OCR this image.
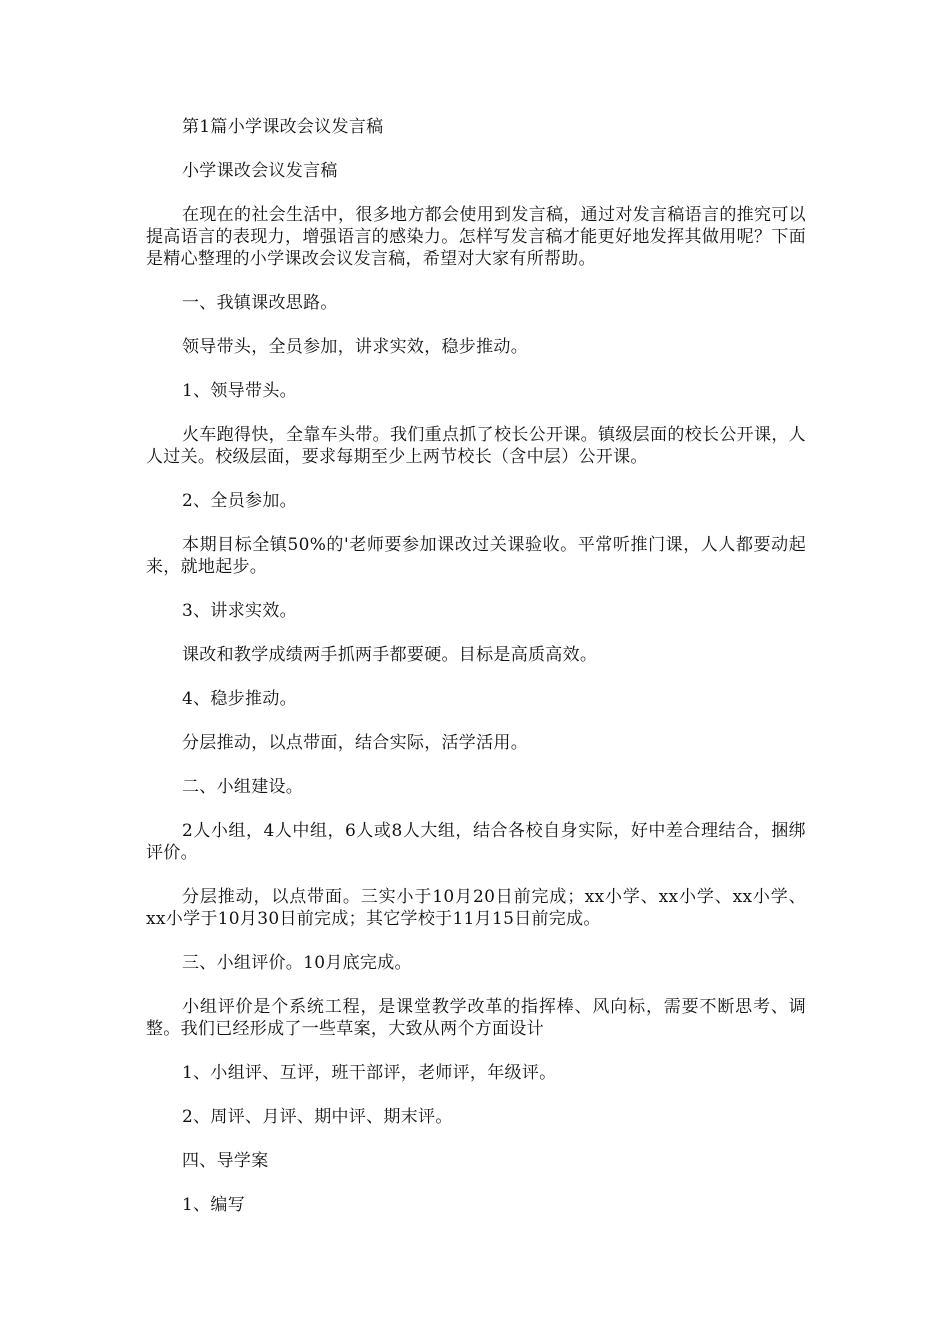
第1篇小学课改会议发言稿

小学课改会议发言稿

在现在的社会生活中，很多地方都会使用到发言稿，通过对发言稿语言的推究可以提高语言的表现力，增强语言的感染力。怎样写发言稿才能更好地发挥其做用呢？下面是精心整理的小学课改会议发言稿，希望对大家有所帮助。

一、我镇课改思路。

领导带头，全员参加，讲求实效，稳步推动。

1、领导带头。

火车跑得快，全靠车头带。我们重点抓了校长公开课。镇级层面的校长公开课，人人过关。校级层面，要求每期至少上两节校长（含中层）公开课。

2、全员参加。

本期目标全镇50%的'老师要参加课改过关课验收。平常听推门课，人人都要动起来，就地起步。

3、讲求实效。

课改和教学成绩两手抓两手都要硬。目标是高质高效。

4、稳步推动。

分层推动，以点带面，结合实际，活学活用。

二、小组建设。

2人小组，4人中组，6人或8人大组，结合各校自身实际，好中差合理结合，捆绑评价。

分层推动，以点带面。三实小于10月20日前完成；xx小学、xx小学、xx小学、xx小学于10月30日前完成；其它学校于11月15日前完成。

三、小组评价。10月底完成。

小组评价是个系统工程，是课堂教学改革的指挥棒、风向标，需要不断思考、调整。我们已经形成了一些草案，大致从两个方面设计

1、小组评、互评，班干部评，老师评，年级评。

2、周评、月评、期中评、期末评。

四、导学案

1、编写
